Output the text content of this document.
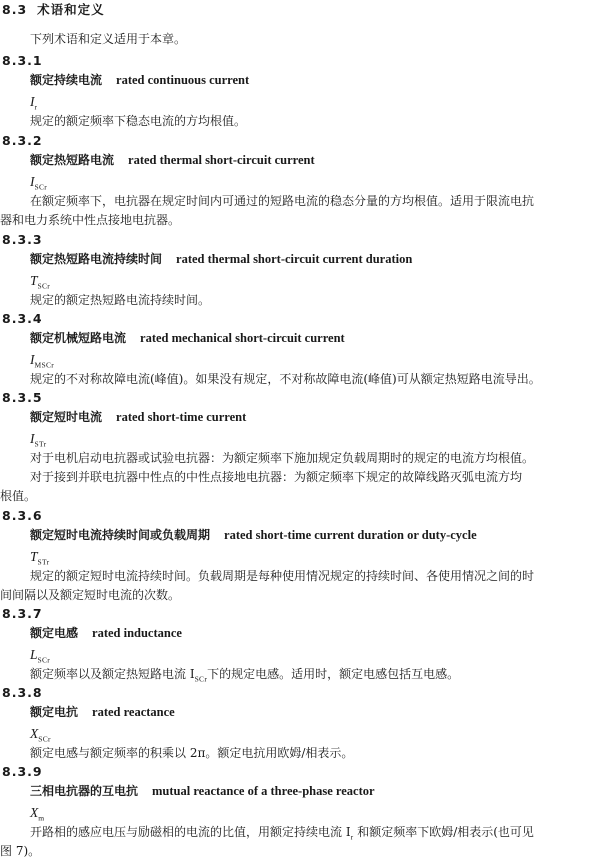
8.3 术语和定义
下列术语和定义适用于本章。
8.3.1
额定持续电流 rated continuous current
$I_r$
规定的额定频率下稳态电流的方均根值。
8.3.2
额定热短路电流 rated thermal short-circuit current
$I_{SCr}$
在额定频率下，电抗器在规定时间内可通过的短路电流的稳态分量的方均根值。适用于限流电抗
器和电力系统中性点接地电抗器。
8.3.3
额定热短路电流持续时间 rated thermal short-circuit current duration
$T_{SCr}$
规定的额定热短路电流持续时间。
8.3.4
额定机械短路电流 rated mechanical short-circuit current
$I_{MSCr}$
规定的不对称故障电流(峰值)。如果没有规定，不对称故障电流(峰值)可从额定热短路电流导出。
8.3.5
额定短时电流 rated short-time current
$I_{STr}$
对于电机启动电抗器或试验电抗器：为额定频率下施加规定负载周期时的规定的电流方均根值。
对于接到并联电抗器中性点的中性点接地电抗器：为额定频率下规定的故障线路灭弧电流方均
根值。
8.3.6
额定短时电流持续时间或负载周期 rated short-time current duration or duty-cycle
$T_{STr}$
规定的额定短时电流持续时间。负载周期是每种使用情况规定的持续时间、各使用情况之间的时
间间隔以及额定短时电流的次数。
8.3.7
额定电感 rated inductance
$L_{SCr}$
额定频率以及额定热短路电流 $I_{SCr}$下的规定电感。适用时，额定电感包括互电感。
8.3.8
额定电抗 rated reactance
$X_{SCr}$
额定电感与额定频率的积乘以 2π。额定电抗用欧姆/相表示。
8.3.9
三相电抗器的互电抗 mutual reactance of a three-phase reactor
$X_m$
开路相的感应电压与励磁相的电流的比值，用额定持续电流 $I_r$ 和额定频率下欧姆/相表示(也可见
图 7)。
